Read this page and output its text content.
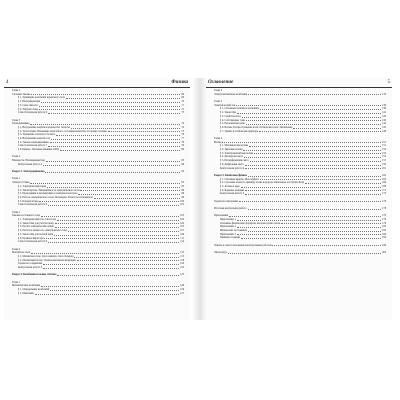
4	Физика
Глава 2
Силовые законы	69
§ 1. Уравнение колебания идеального тела	69
§ 2. Интерференция	70
§ 3. Сила тяжести	71
§ 4. Упругие силы	72
Самостоятельная работа 6	73
Глава 3
Термодинамика	74
§ 1. Внутренняя энергия и количество теплоты	74
§ 2. Теплообмен. Изменение агрегатного состояния вещества. Сгорание топлива	75
§ 3. Уравнение теплового баланса	76
§ 4. Внутренняя энергия газа	77
§ 5. Законы термодинамики	78
Самостоятельная работа 7	79
§ 6. Циклы. Тепловые машины. КПД	80
Глава 4
Влажность. Насыщенный пар	83
Контрольная работа 2	86
Раздел 3. Электродинамика	93
Глава 1
Электростатика	95
§ 1. Электрический заряд	95
§ 2. Закон Кулона. Напряжённость электрического поля	96
§ 3. Проводники и диэлектрики в электрическом поле	98
§ 4. Работа электрического поля. Потенциал. Разность потенциалов	99
§ 5. Конденсаторы	100
Самостоятельная работа 8	102
Глава 2
Законы постоянного тока	103
§ 1. Электрический ток. Сила тока	103
§ 2. Закон Ома для участка цепи	104
§ 3. Расчёт электрических цепей	105
§ 4. Работа и мощность электрического тока	107
§ 5. Закон Ома для полной цепи	109
§ 6. Правила Кирхгофа	111
Самостоятельная работа 9	114
Глава 3
Магнитное поле	115
§ 1. Магнитное поле. Сила Ампера. Сила Лоренца	115
§ 2. Магнитный поток. Электромагнитная индукция	118
Задачи на соединения	120
Контрольная работа 3	122
Раздел 4. Колебания и волны. Оптика	125
Глава 1
Механические колебания	126
§ 1. Определение колебаний	126
§ 2. Маятники	127
Оглавление	5
Глава 2
Электромагнитные колебания	133
Глава 3
Электрический ток	139
§ 1. Основные понятия и величины	139
§ 2. Закон Ома	141
§ 3. Свойства волн	142
§ 4. Собственные токи	143
§ 5. Резонансные цепи	144
§ 6. Волны. Распространение волн. Оптическая сила. Увеличение	145
§ 7. Зрение и оптические приборы	148
Глава 4
Волны	151
§ 1. Механические волны	151
§ 2. Звуковые волны	152
§ 3. Электромагнитные волны	153
§ 4. Дисперсия света	155
§ 5. Интерференция света	157
§ 6. Дифракция света	159
Контрольная работа 4	161
Раздел 5. Квантовая физика	163
§ 1. Световые кванты. Фотоэффект	163
§ 2. Строение атома по примеру атома водорода. Квантовые постулаты Бора	166
§ 3. Атомное ядро	168
§ 4. Ядерные реакции	171
Контрольная работа 5	175
Задачи на повторение	176
Итоговая контрольная работа	178
Приложения	179
Приложение 1	179
Основные физические формулы, которые нужно знать	179
Приложение 2	183
Физические постоянные	183
Приложение 3	184
Примеры заданий	184
Ответы к самостоятельным и контрольным работам	186
Литература	203
